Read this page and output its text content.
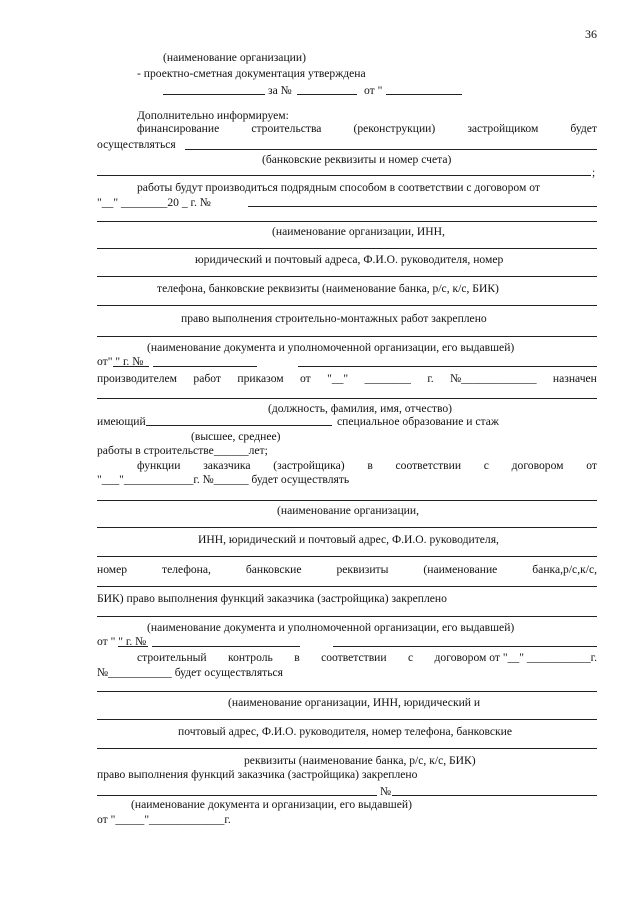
36
(наименование организации)
- проектно-сметная документация утверждена
за №	от "
Дополнительно информируем:
финансирование	строительства	(реконструкции)	застройщиком	будет
осуществляться
(банковские реквизиты и номер счета)
;
работы будут производиться подрядным способом в соответствии с договором от
"__" ________20 _ г. №
(наименование организации, ИНН,
юридический и почтовый адреса, Ф.И.О. руководителя, номер
телефона, банковские реквизиты (наименование банка, р/с, к/с, БИК)
право выполнения строительно-монтажных работ закреплено
(наименование документа и уполномоченной организации, его выдавшей)
от" " г. №
производителем работ приказом от "__" ________ г. №_____________ назначен
(должность, фамилия, имя, отчество)
имеющий	специальное образование и стаж
(высшее, среднее)
работы в строительстве______лет;
функции заказчика (застройщика) в соответствии с договором от
"___"____________г. №______ будет осуществлять
(наименование организации,
ИНН, юридический и почтовый адрес, Ф.И.О. руководителя,
номер	телефона,	банковские	реквизиты	(наименование	банка,р/с,к/с,
БИК) право выполнения функций заказчика (застройщика) закреплено
(наименование документа и уполномоченной организации, его выдавшей)
от " " г. №
строительный контроль в соответствии с договором от "__" ___________г.
№___________ будет осуществляться
(наименование организации, ИНН, юридический и
почтовый адрес, Ф.И.О. руководителя, номер телефона, банковские
реквизиты (наименование банка, р/с, к/с, БИК)
право выполнения функций заказчика (застройщика) закреплено
№
(наименование документа и организации, его выдавшей)
от "_____"_____________г.
